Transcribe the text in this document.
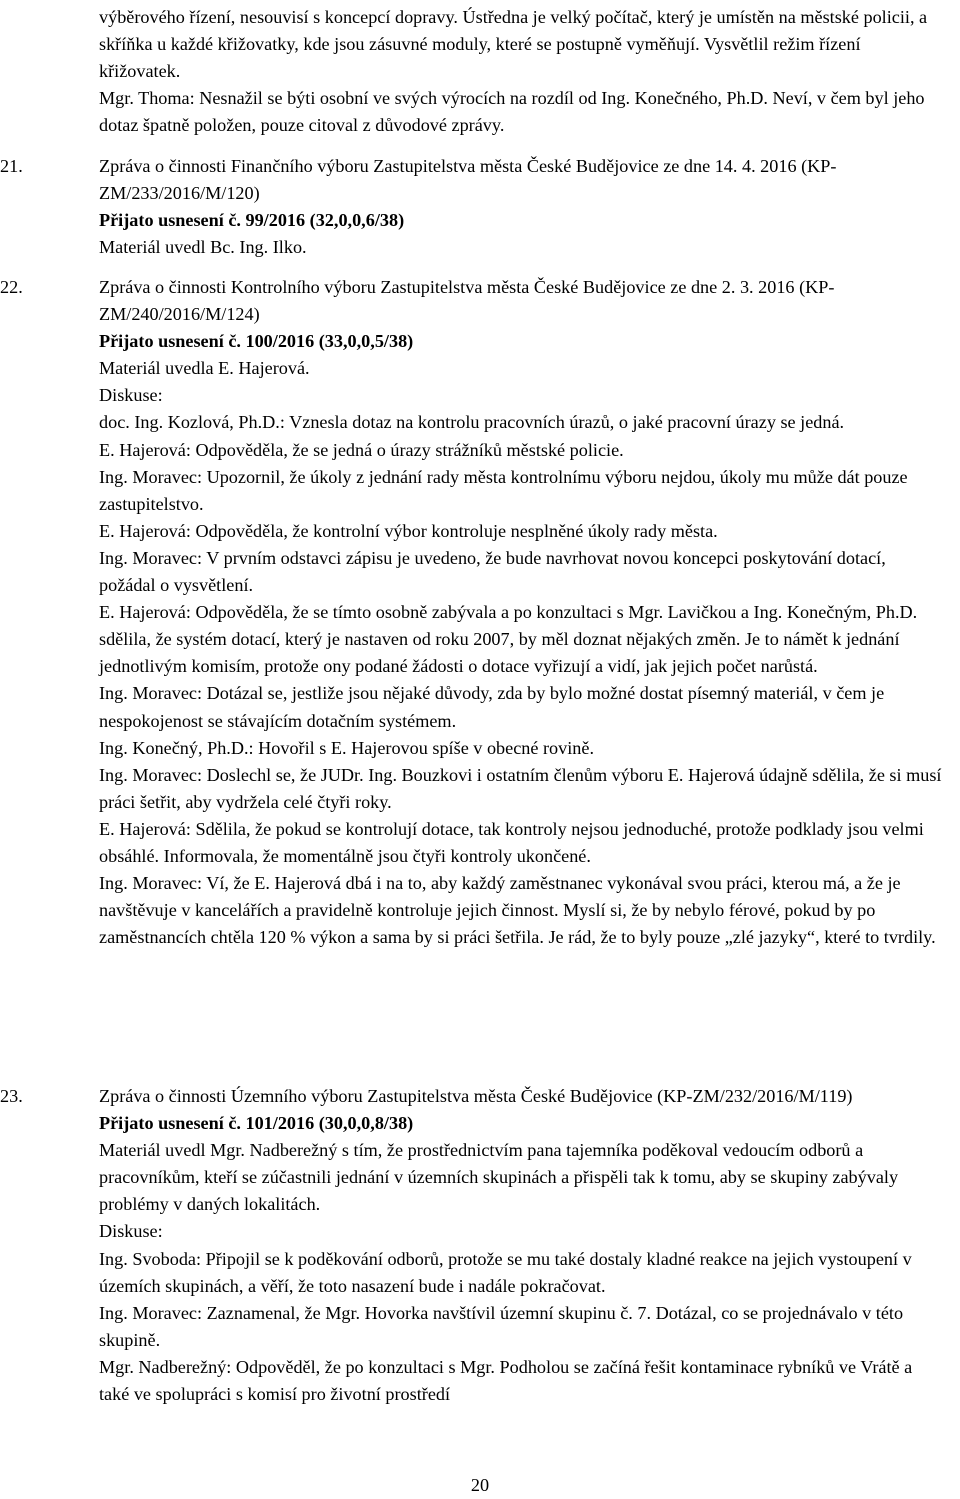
výběrového řízení, nesouvisí s koncepcí dopravy. Ústředna je velký počítač, který je umístěn na městské policii, a skříňka u každé křižovatky, kde jsou zásuvné moduly, které se postupně vyměňují. Vysvětlil režim řízení křižovatek.

Mgr. Thoma: Nesnažil se býti osobní ve svých výrocích na rozdíl od Ing. Konečného, Ph.D. Neví, v čem byl jeho dotaz špatně položen, pouze citoval z důvodové zprávy.

21.	Zpráva o činnosti Finančního výboru Zastupitelstva města České Budějovice ze dne 14. 4. 2016 (KP-ZM/233/2016/M/120)

Přijato usnesení č. 99/2016 (32,0,0,6/38)

Materiál uvedl Bc. Ing. Ilko.

22.	Zpráva o činnosti Kontrolního výboru Zastupitelstva města České Budějovice ze dne 2. 3. 2016 (KP-ZM/240/2016/M/124)

Přijato usnesení č. 100/2016 (33,0,0,5/38)

Materiál uvedla E. Hajerová.

Diskuse:

doc. Ing. Kozlová, Ph.D.: Vznesla dotaz na kontrolu pracovních úrazů, o jaké pracovní úrazy se jedná.

E. Hajerová: Odpověděla, že se jedná o úrazy strážníků městské policie.

Ing. Moravec: Upozornil, že úkoly z jednání rady města kontrolnímu výboru nejdou, úkoly mu může dát pouze zastupitelstvo.

E. Hajerová: Odpověděla, že kontrolní výbor kontroluje nesplněné úkoly rady města.

Ing. Moravec: V prvním odstavci zápisu je uvedeno, že bude navrhovat novou koncepci poskytování dotací, požádal o vysvětlení.

E. Hajerová: Odpověděla, že se tímto osobně zabývala a po konzultaci s Mgr. Lavičkou a Ing. Konečným, Ph.D. sdělila, že systém dotací, který je nastaven od roku 2007, by měl doznat nějakých změn. Je to námět k jednání jednotlivým komisím, protože ony podané žádosti o dotace vyřizují a vidí, jak jejich počet narůstá.

Ing. Moravec: Dotázal se, jestliže jsou nějaké důvody, zda by bylo možné dostat písemný materiál, v čem je nespokojenost se stávajícím dotačním systémem.

Ing. Konečný, Ph.D.: Hovořil s E. Hajerovou spíše v obecné rovině.

Ing. Moravec: Doslechl se, že JUDr. Ing. Bouzkovi i ostatním členům výboru E. Hajerová údajně sdělila, že si musí práci šetřit, aby vydržela celé čtyři roky.

E. Hajerová: Sdělila, že pokud se kontrolují dotace, tak kontroly nejsou jednoduché, protože podklady jsou velmi obsáhlé. Informovala, že momentálně jsou čtyři kontroly ukončené.

Ing. Moravec: Ví, že E. Hajerová dbá i na to, aby každý zaměstnanec vykonával svou práci, kterou má, a že je navštěvuje v kancelářích a pravidelně kontroluje jejich činnost. Myslí si, že by nebylo férové, pokud by po zaměstnancích chtěla 120 % výkon a sama by si práci šetřila. Je rád, že to byly pouze „zlé jazyky“, které to tvrdily.

23.	Zpráva o činnosti Územního výboru Zastupitelstva města České Budějovice (KP-ZM/232/2016/M/119)

Přijato usnesení č. 101/2016 (30,0,0,8/38)

Materiál uvedl Mgr. Nadberežný s tím, že prostřednictvím pana tajemníka poděkoval vedoucím odborů a pracovníkům, kteří se zúčastnili jednání v územních skupinách a přispěli tak k tomu, aby se skupiny zabývaly problémy v daných lokalitách.

Diskuse:

Ing. Svoboda: Připojil se k poděkování odborů, protože se mu také dostaly kladné reakce na jejich vystoupení v územích skupinách, a věří, že toto nasazení bude i nadále pokračovat.

Ing. Moravec: Zaznamenal, že Mgr. Hovorka navštívil územní skupinu č. 7. Dotázal, co se projednávalo v této skupině.

Mgr. Nadberežný: Odpověděl, že po konzultaci s Mgr. Podholou se začíná řešit kontaminace rybníků ve Vrátě a také ve spolupráci s komisí pro životní prostředí

20
